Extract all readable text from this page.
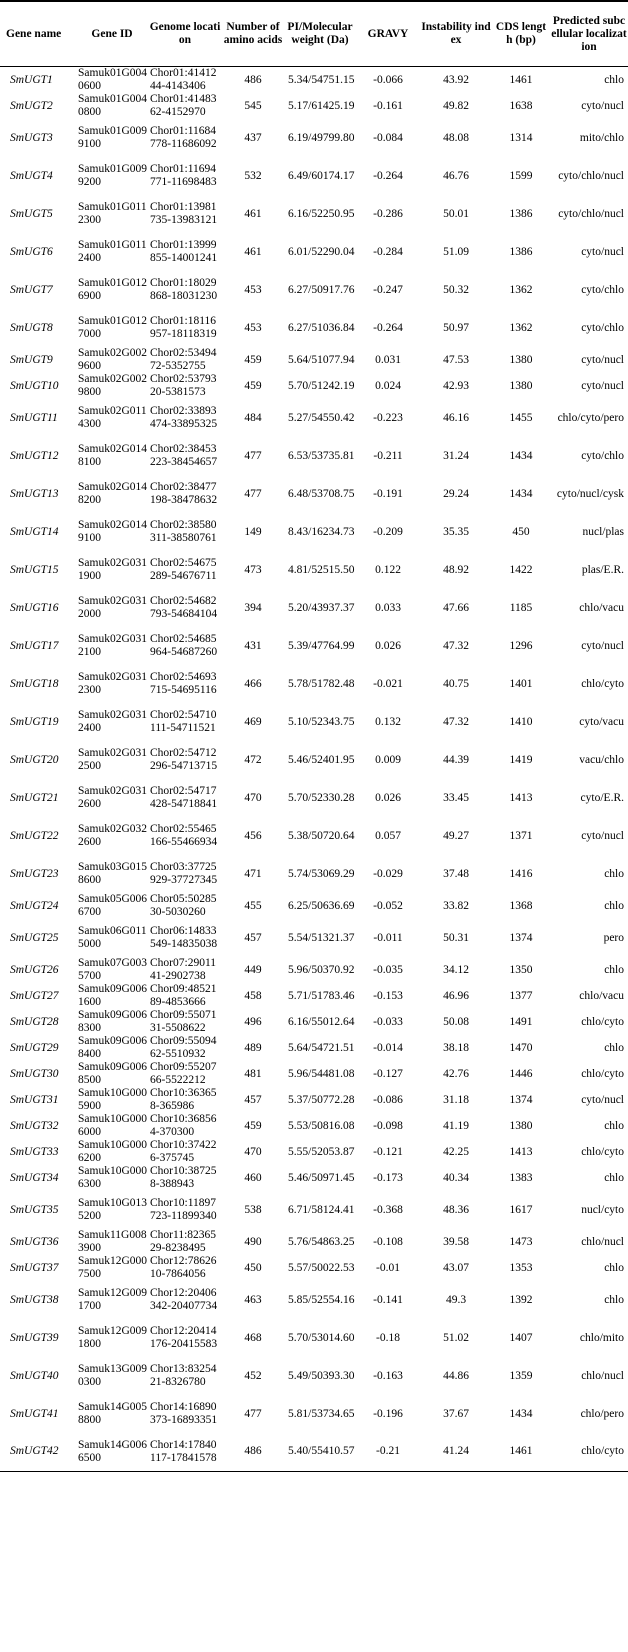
Gene name	Gene ID	Genome location	Number of amino acids	PI/Molecular weight (Da)	GRAVY	Instability index	CDS length (bp)	Predicted subcellular localization
SmUGT1	Samuk01G0040600	Chor01:4141244-4143406	486	5.34/54751.15	-0.066	43.92	1461	chlo
SmUGT2	Samuk01G0040800	Chor01:4148362-4152970	545	5.17/61425.19	-0.161	49.82	1638	cyto/nucl
SmUGT3	Samuk01G0099100	Chor01:11684778-11686092	437	6.19/49799.80	-0.084	48.08	1314	mito/chlo
SmUGT4	Samuk01G0099200	Chor01:11694771-11698483	532	6.49/60174.17	-0.264	46.76	1599	cyto/chlo/nucl
SmUGT5	Samuk01G0112300	Chor01:13981735-13983121	461	6.16/52250.95	-0.286	50.01	1386	cyto/chlo/nucl
SmUGT6	Samuk01G0112400	Chor01:13999855-14001241	461	6.01/52290.04	-0.284	51.09	1386	cyto/nucl
SmUGT7	Samuk01G0126900	Chor01:18029868-18031230	453	6.27/50917.76	-0.247	50.32	1362	cyto/chlo
SmUGT8	Samuk01G0127000	Chor01:18116957-18118319	453	6.27/51036.84	-0.264	50.97	1362	cyto/chlo
SmUGT9	Samuk02G0029600	Chor02:5349472-5352755	459	5.64/51077.94	0.031	47.53	1380	cyto/nucl
SmUGT10	Samuk02G0029800	Chor02:5379320-5381573	459	5.70/51242.19	0.024	42.93	1380	cyto/nucl
SmUGT11	Samuk02G0114300	Chor02:33893474-33895325	484	5.27/54550.42	-0.223	46.16	1455	chlo/cyto/pero
SmUGT12	Samuk02G0148100	Chor02:38453223-38454657	477	6.53/53735.81	-0.211	31.24	1434	cyto/chlo
SmUGT13	Samuk02G0148200	Chor02:38477198-38478632	477	6.48/53708.75	-0.191	29.24	1434	cyto/nucl/cysk
SmUGT14	Samuk02G0149100	Chor02:38580311-38580761	149	8.43/16234.73	-0.209	35.35	450	nucl/plas
SmUGT15	Samuk02G0311900	Chor02:54675289-54676711	473	4.81/52515.50	0.122	48.92	1422	plas/E.R.
SmUGT16	Samuk02G0312000	Chor02:54682793-54684104	394	5.20/43937.37	0.033	47.66	1185	chlo/vacu
SmUGT17	Samuk02G0312100	Chor02:54685964-54687260	431	5.39/47764.99	0.026	47.32	1296	cyto/nucl
SmUGT18	Samuk02G0312300	Chor02:54693715-54695116	466	5.78/51782.48	-0.021	40.75	1401	chlo/cyto
SmUGT19	Samuk02G0312400	Chor02:54710111-54711521	469	5.10/52343.75	0.132	47.32	1410	cyto/vacu
SmUGT20	Samuk02G0312500	Chor02:54712296-54713715	472	5.46/52401.95	0.009	44.39	1419	vacu/chlo
SmUGT21	Samuk02G0312600	Chor02:54717428-54718841	470	5.70/52330.28	0.026	33.45	1413	cyto/E.R.
SmUGT22	Samuk02G0322600	Chor02:55465166-55466934	456	5.38/50720.64	0.057	49.27	1371	cyto/nucl
SmUGT23	Samuk03G0158600	Chor03:37725929-37727345	471	5.74/53069.29	-0.029	37.48	1416	chlo
SmUGT24	Samuk05G0066700	Chor05:5028530-5030260	455	6.25/50636.69	-0.052	33.82	1368	chlo
SmUGT25	Samuk06G0115000	Chor06:14833549-14835038	457	5.54/51321.37	-0.011	50.31	1374	pero
SmUGT26	Samuk07G0035700	Chor07:2901141-2902738	449	5.96/50370.92	-0.035	34.12	1350	chlo
SmUGT27	Samuk09G0061600	Chor09:4852189-4853666	458	5.71/51783.46	-0.153	46.96	1377	chlo/vacu
SmUGT28	Samuk09G0068300	Chor09:5507131-5508622	496	6.16/55012.64	-0.033	50.08	1491	chlo/cyto
SmUGT29	Samuk09G0068400	Chor09:5509462-5510932	489	5.64/54721.51	-0.014	38.18	1470	chlo
SmUGT30	Samuk09G0068500	Chor09:5520766-5522212	481	5.96/54481.08	-0.127	42.76	1446	chlo/cyto
SmUGT31	Samuk10G0005900	Chor10:363658-365986	457	5.37/50772.28	-0.086	31.18	1374	cyto/nucl
SmUGT32	Samuk10G0006000	Chor10:368564-370300	459	5.53/50816.08	-0.098	41.19	1380	chlo
SmUGT33	Samuk10G0006200	Chor10:374226-375745	470	5.55/52053.87	-0.121	42.25	1413	chlo/cyto
SmUGT34	Samuk10G0006300	Chor10:387258-388943	460	5.46/50971.45	-0.173	40.34	1383	chlo
SmUGT35	Samuk10G0135200	Chor10:11897723-11899340	538	6.71/58124.41	-0.368	48.36	1617	nucl/cyto
SmUGT36	Samuk11G0083900	Chor11:8236529-8238495	490	5.76/54863.25	-0.108	39.58	1473	chlo/nucl
SmUGT37	Samuk12G0007500	Chor12:7862610-7864056	450	5.57/50022.53	-0.01	43.07	1353	chlo
SmUGT38	Samuk12G0091700	Chor12:20406342-20407734	463	5.85/52554.16	-0.141	49.3	1392	chlo
SmUGT39	Samuk12G0091800	Chor12:20414176-20415583	468	5.70/53014.60	-0.18	51.02	1407	chlo/mito
SmUGT40	Samuk13G0090300	Chor13:8325421-8326780	452	5.49/50393.30	-0.163	44.86	1359	chlo/nucl
SmUGT41	Samuk14G0058800	Chor14:16890373-16893351	477	5.81/53734.65	-0.196	37.67	1434	chlo/pero
SmUGT42	Samuk14G0066500	Chor14:17840117-17841578	486	5.40/55410.57	-0.21	41.24	1461	chlo/cyto
